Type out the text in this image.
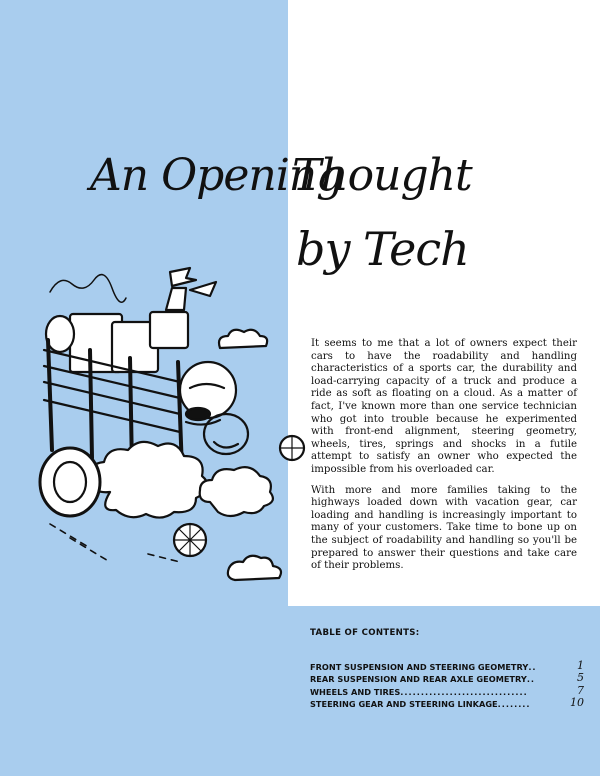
An Opening
Thought
by Tech

It seems to me that a lot of owners expect their cars to have the roadability and handling characteristics of a sports car, the durability and load-carrying capacity of a truck and produce a ride as soft as floating on a cloud. As a matter of fact, I've known more than one service technician who got into trouble because he experimented with front-end alignment, steering geometry, wheels, tires, springs and shocks in a futile attempt to satisfy an owner who expected the impossible from his overloaded car.

With more and more families taking to the highways loaded down with vacation gear, car loading and handling is increasingly important to many of your customers. Take time to bone up on the subject of roadability and handling so you'll be prepared to answer their questions and take care of their problems.

TABLE OF CONTENTS:
FRONT SUSPENSION AND STEERING GEOMETRY ..	1
REAR SUSPENSION AND REAR AXLE GEOMETRY ..	5
WHEELS AND TIRES ...............................	7
STEERING GEAR AND STEERING LINKAGE ........	10
